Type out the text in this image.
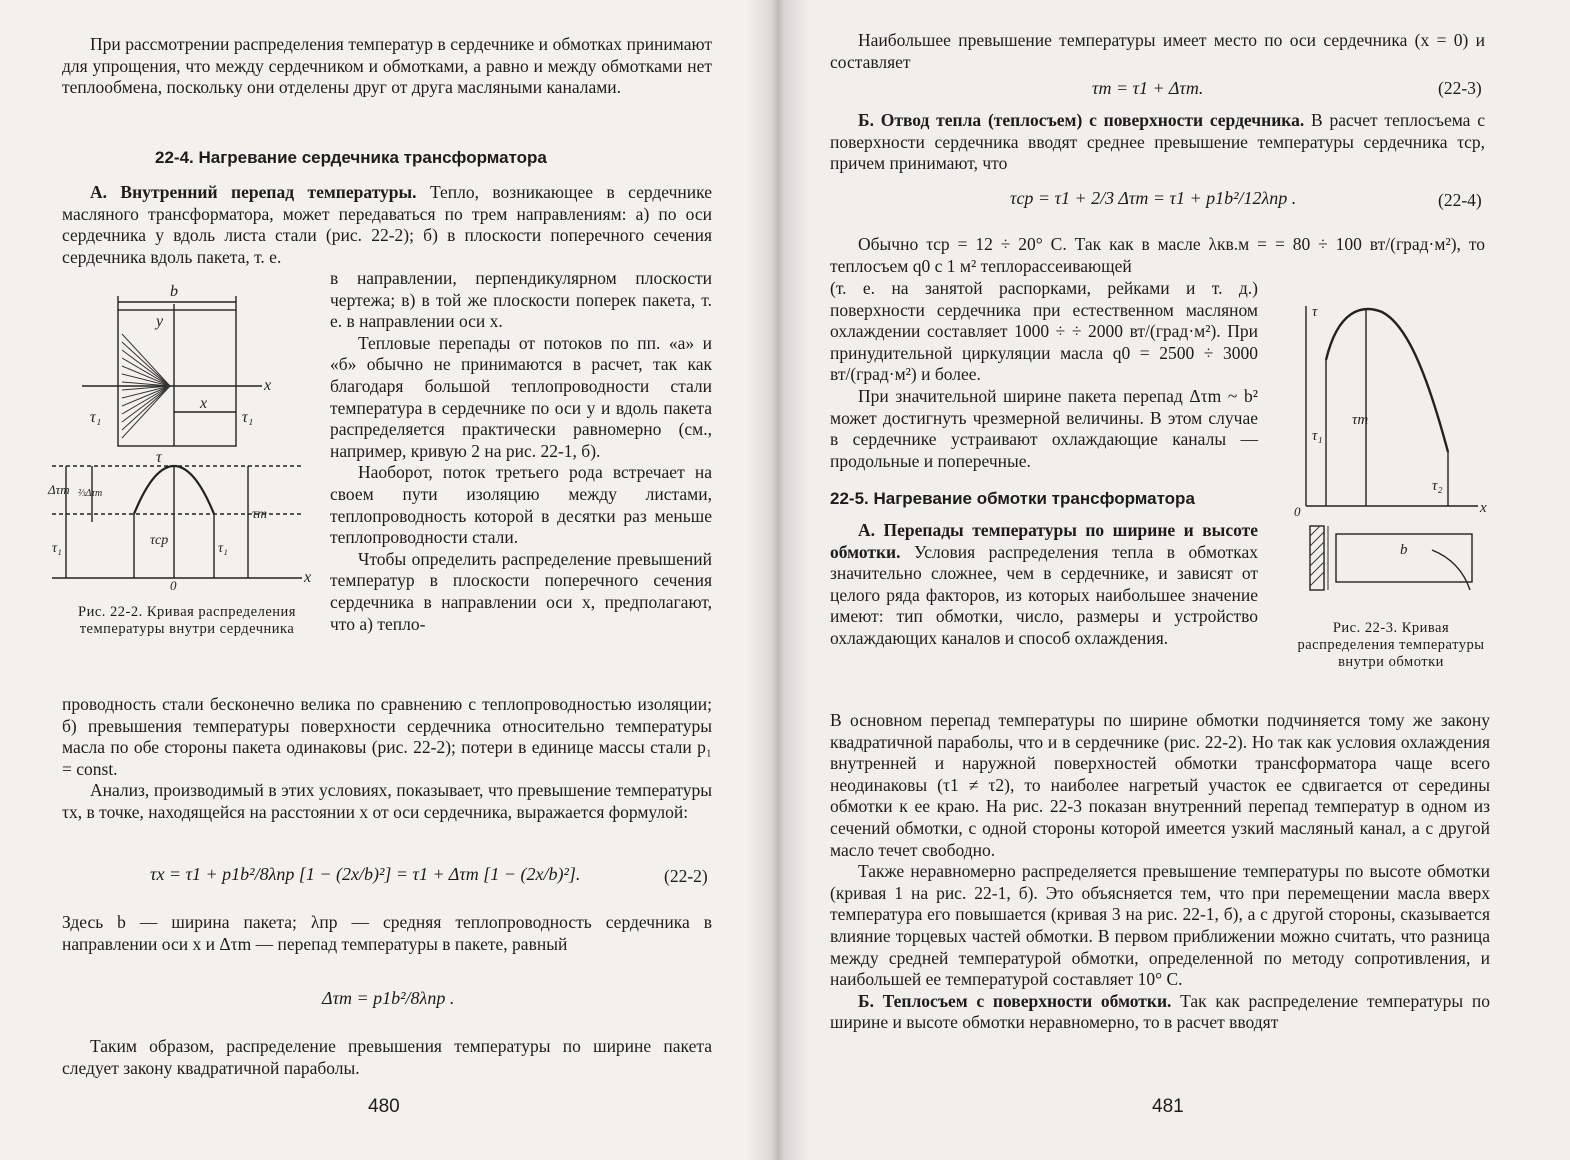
При рассмотрении распределения температур в сердечнике и обмотках принимают для упрощения, что между сердечником и обмотками, а равно и между обмотками нет теплообмена, поскольку они отделены друг от друга масляными каналами.

22-4. Нагревание сердечника трансформатора

А. Внутренний перепад температуры. Тепло, возникающее в сердечнике масляного трансформатора, может передаваться по трем направлениям: а) по оси сердечника y вдоль листа стали (рис. 22-2); б) в плоскости поперечного сечения сердечника вдоль пакета, т. е.

в направлении, перпендикулярном плоскости чертежа; в) в той же плоскости поперек пакета, т. е. в направлении оси x.

Тепловые перепады от потоков по пп. «а» и «б» обычно не принимаются в расчет, так как благодаря большой теплопроводности стали температура в сердечнике по оси y и вдоль пакета распределяется практически равномерно (см., например, кривую 2 на рис. 22-1, б).

Наоборот, поток третьего рода встречает на своем пути изоляцию между листами, теплопроводность которой в десятки раз меньше теплопроводности стали.

Чтобы определить распределение превышений температур в плоскости поперечного сечения сердечника в направлении оси x, предполагают, что а) тепло-

b
y
x
x
τ₁	τ₁
τ
Δτm ⅔Δτm
τср
τm
τ₁	τ₁
0	x
Рис. 22-2. Кривая распределения температуры внутри сердечника

проводность стали бесконечно велика по сравнению с теплопроводностью изоляции; б) превышения температуры поверхности сердечника относительно температуры масла по обе стороны пакета одинаковы (рис. 22-2); потери в единице массы стали p₁ = const.

Анализ, производимый в этих условиях, показывает, что превышение температуры τx, в точке, находящейся на расстоянии x от оси сердечника, выражается формулой:

τx = τ1 + p1b²/8λпр [1 − (2x/b)²] = τ1 + Δτm [1 − (2x/b)²].	(22-2)

Здесь b — ширина пакета; λпр — средняя теплопроводность сердечника в направлении оси x и Δτm — перепад температуры в пакете, равный

Δτm = p1b²/8λпр .

Таким образом, распределение превышения температуры по ширине пакета следует закону квадратичной параболы.

480

Наибольшее превышение температуры имеет место по оси сердечника (x = 0) и составляет

τm = τ1 + Δτm.	(22-3)

Б. Отвод тепла (теплосъем) с поверхности сердечника. В расчет теплосъема с поверхности сердечника вводят среднее превышение температуры сердечника τср, причем принимают, что

τср = τ1 + 2/3 Δτm = τ1 + p1b²/12λпр .	(22-4)

Обычно τср = 12 ÷ 20° C. Так как в масле λкв.м = = 80 ÷ 100 вт/(град·м²), то теплосъем q0 с 1 м² теплорассеивающей

(т. е. на занятой распорками, рейками и т. д.) поверхности сердечника при естественном масляном охлаждении составляет 1000 ÷ ÷ 2000 вт/(град·м²). При принудительной циркуляции масла q0 = 2500 ÷ 3000 вт/(град·м²) и более.

При значительной ширине пакета перепад Δτm ~ b² может достигнуть чрезмерной величины. В этом случае в сердечнике устраивают охлаждающие каналы — продольные и поперечные.

22-5. Нагревание обмотки трансформатора

А. Перепады температуры по ширине и высоте обмотки. Условия распределения тепла в обмотках значительно сложнее, чем в сердечнике, и зависят от целого ряда факторов, из которых наибольшее значение имеют: тип обмотки, число, размеры и устройство охлаждающих каналов и способ охлаждения.

τ
τ₁
τm
τ₂
0	x
b
Рис. 22-3. Кривая распределения температуры внутри обмотки

В основном перепад температуры по ширине обмотки подчиняется тому же закону квадратичной параболы, что и в сердечнике (рис. 22-2). Но так как условия охлаждения внутренней и наружной поверхностей обмотки трансформатора чаще всего неодинаковы (τ1 ≠ τ2), то наиболее нагретый участок ее сдвигается от середины обмотки к ее краю. На рис. 22-3 показан внутренний перепад температур в одном из сечений обмотки, с одной стороны которой имеется узкий масляный канал, а с другой масло течет свободно.

Также неравномерно распределяется превышение температуры по высоте обмотки (кривая 1 на рис. 22-1, б). Это объясняется тем, что при перемещении масла вверх температура его повышается (кривая 3 на рис. 22-1, б), а с другой стороны, сказывается влияние торцевых частей обмотки. В первом приближении можно считать, что разница между средней температурой обмотки, определенной по методу сопротивления, и наибольшей ее температурой составляет 10° C.

Б. Теплосъем с поверхности обмотки. Так как распределение температуры по ширине и высоте обмотки неравномерно, то в расчет вводят

481
